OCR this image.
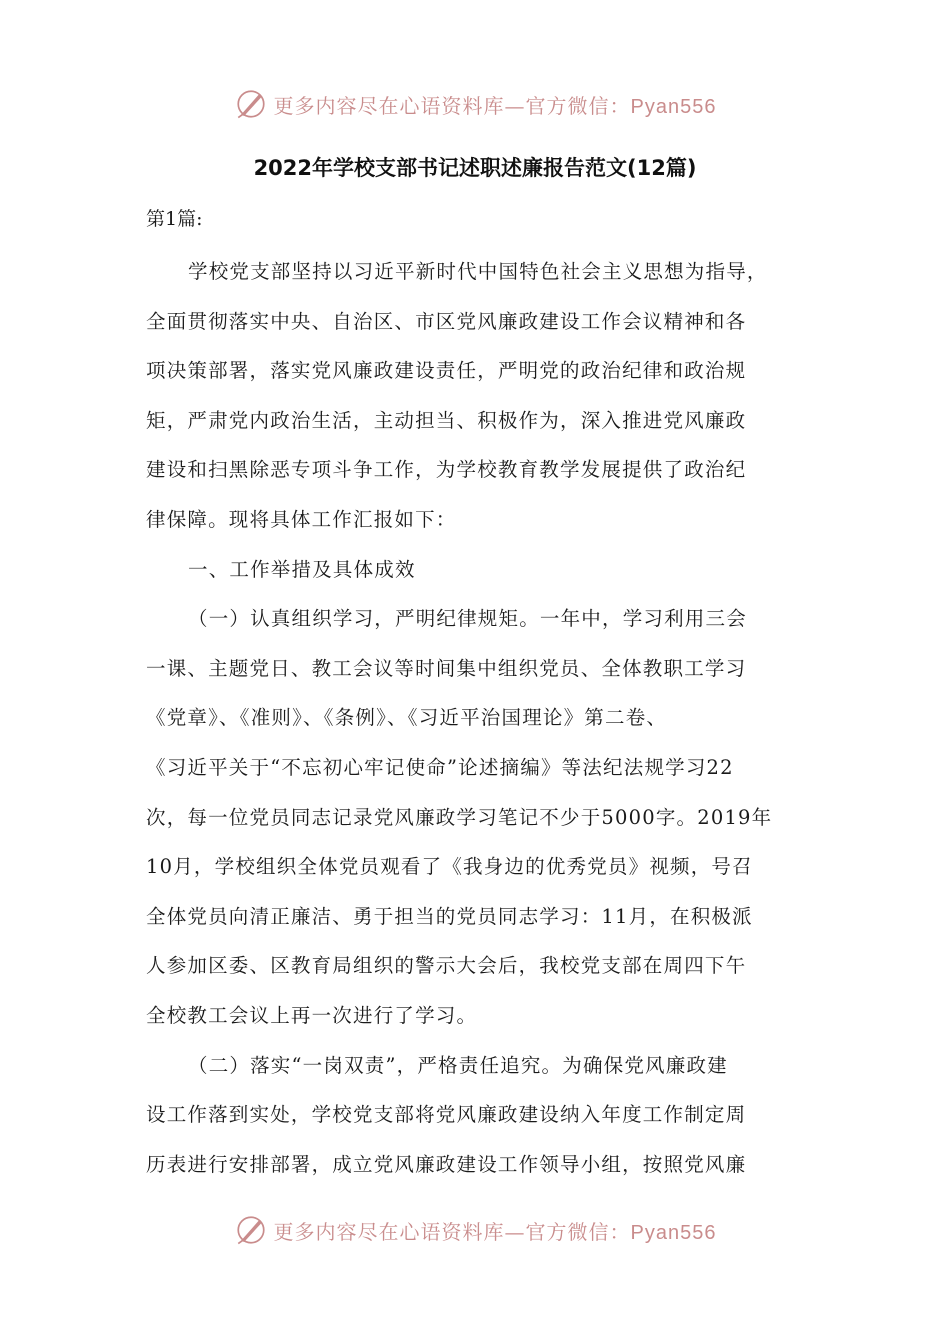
更多内容尽在心语资料库—官方微信：Pyan556
2022年学校支部书记述职述廉报告范文(12篇)
第1篇:
学校党支部坚持以习近平新时代中国特色社会主义思想为指导，
全面贯彻落实中央、自治区、市区党风廉政建设工作会议精神和各
项决策部署，落实党风廉政建设责任，严明党的政治纪律和政治规
矩，严肃党内政治生活，主动担当、积极作为，深入推进党风廉政
建设和扫黑除恶专项斗争工作，为学校教育教学发展提供了政治纪
律保障。现将具体工作汇报如下：
一、工作举措及具体成效
（一）认真组织学习，严明纪律规矩。一年中，学习利用三会
一课、主题党日、教工会议等时间集中组织党员、全体教职工学习
《党章》、《准则》、《条例》、《习近平治国理论》第二卷、
《习近平关于“不忘初心牢记使命”论述摘编》等法纪法规学习22
次，每一位党员同志记录党风廉政学习笔记不少于5000字。2019年
10月，学校组织全体党员观看了《我身边的优秀党员》视频，号召
全体党员向清正廉洁、勇于担当的党员同志学习：11月，在积极派
人参加区委、区教育局组织的警示大会后，我校党支部在周四下午
全校教工会议上再一次进行了学习。
（二）落实“一岗双责”，严格责任追究。为确保党风廉政建
设工作落到实处，学校党支部将党风廉政建设纳入年度工作制定周
历表进行安排部署，成立党风廉政建设工作领导小组，按照党风廉
更多内容尽在心语资料库—官方微信：Pyan556
